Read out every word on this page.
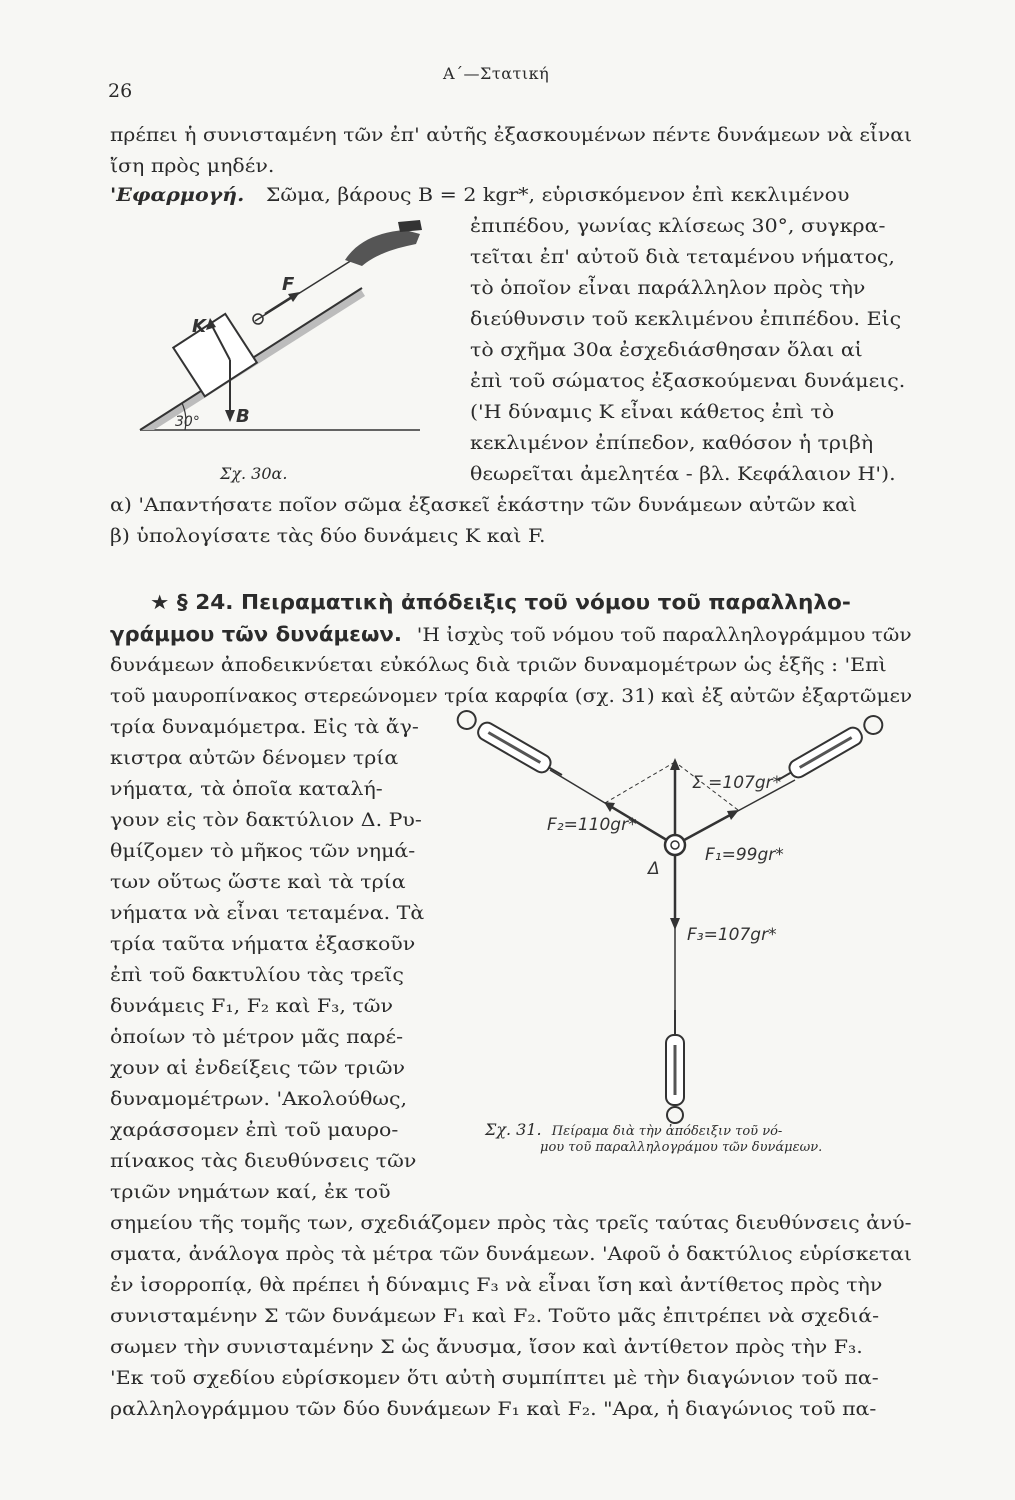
26
Α΄—Στατική
πρέπει ἡ συνισταμένη τῶν ἐπ' αὐτῆς ἐξασκουμένων πέντε δυνάμεων νὰ εἶναι
ἴση πρὸς μηδέν.
'Εφαρμογή. Σῶμα, βάρους B = 2 kgr*, εὑρισκόμενον ἐπὶ κεκλιμένου
ἐπιπέδου, γωνίας κλίσεως 30°, συγκρα-
τεῖται ἐπ' αὐτοῦ διὰ τεταμένου νήματος,
τὸ ὁποῖον εἶναι παράλληλον πρὸς τὴν
διεύθυνσιν τοῦ κεκλιμένου ἐπιπέδου. Εἰς
τὸ σχῆμα 30α ἐσχεδιάσθησαν ὅλαι αἱ
ἐπὶ τοῦ σώματος ἐξασκούμεναι δυνάμεις.
('Η δύναμις K εἶναι κάθετος ἐπὶ τὸ
κεκλιμένον ἐπίπεδον, καθόσον ἡ τριβὴ
θεωρεῖται ἀμελητέα - βλ. Κεφάλαιον Η').
30°
K
B
F
Σχ. 30α.
α) 'Απαντήσατε ποῖον σῶμα ἐξασκεῖ ἑκάστην τῶν δυνάμεων αὐτῶν καὶ
β) ὑπολογίσατε τὰς δύο δυνάμεις K καὶ F.
★ § 24. Πειραματικὴ ἀπόδειξις τοῦ νόμου τοῦ παραλληλο-
γράμμου τῶν δυνάμεων. 'Η ἰσχὺς τοῦ νόμου τοῦ παραλληλογράμμου τῶν
δυνάμεων ἀποδεικνύεται εὐκόλως διὰ τριῶν δυναμομέτρων ὡς ἑξῆς : 'Επὶ
τοῦ μαυροπίνακος στερεώνομεν τρία καρφία (σχ. 31) καὶ ἐξ αὐτῶν ἐξαρτῶμεν
τρία δυναμόμετρα. Εἰς τὰ ἄγ-
κιστρα αὐτῶν δένομεν τρία
νήματα, τὰ ὁποῖα καταλή-
γουν εἰς τὸν δακτύλιον Δ. Ρυ-
θμίζομεν τὸ μῆκος τῶν νημά-
των οὕτως ὥστε καὶ τὰ τρία
νήματα νὰ εἶναι τεταμένα. Τὰ
τρία ταῦτα νήματα ἐξασκοῦν
ἐπὶ τοῦ δακτυλίου τὰς τρεῖς
δυνάμεις F₁, F₂ καὶ F₃, τῶν
ὁποίων τὸ μέτρον μᾶς παρέ-
χουν αἱ ἐνδείξεις τῶν τριῶν
δυναμομέτρων. 'Ακολούθως,
χαράσσομεν ἐπὶ τοῦ μαυρο-
πίνακος τὰς διευθύνσεις τῶν
τριῶν νημάτων καί, ἐκ τοῦ
Σ =107gr*
F₂=110gr*
F₁=99gr*
Δ
F₃=107gr*
Σχ. 31. Πείραμα διὰ τὴν ἀπόδειξιν τοῦ νό-
μου τοῦ παραλληλογράμου τῶν δυνάμεων.
σημείου τῆς τομῆς των, σχεδιάζομεν πρὸς τὰς τρεῖς ταύτας διευθύνσεις ἀνύ-
σματα, ἀνάλογα πρὸς τὰ μέτρα τῶν δυνάμεων. 'Αφοῦ ὁ δακτύλιος εὑρίσκεται
ἐν ἰσορροπίᾳ, θὰ πρέπει ἡ δύναμις F₃ νὰ εἶναι ἴση καὶ ἀντίθετος πρὸς τὴν
συνισταμένην Σ τῶν δυνάμεων F₁ καὶ F₂. Τοῦτο μᾶς ἐπιτρέπει νὰ σχεδιά-
σωμεν τὴν συνισταμένην Σ ὡς ἄνυσμα, ἴσον καὶ ἀντίθετον πρὸς τὴν F₃.
'Εκ τοῦ σχεδίου εὑρίσκομεν ὅτι αὐτὴ συμπίπτει μὲ τὴν διαγώνιον τοῦ πα-
ραλληλογράμμου τῶν δύο δυνάμεων F₁ καὶ F₂. "Αρα, ἡ διαγώνιος τοῦ πα-
